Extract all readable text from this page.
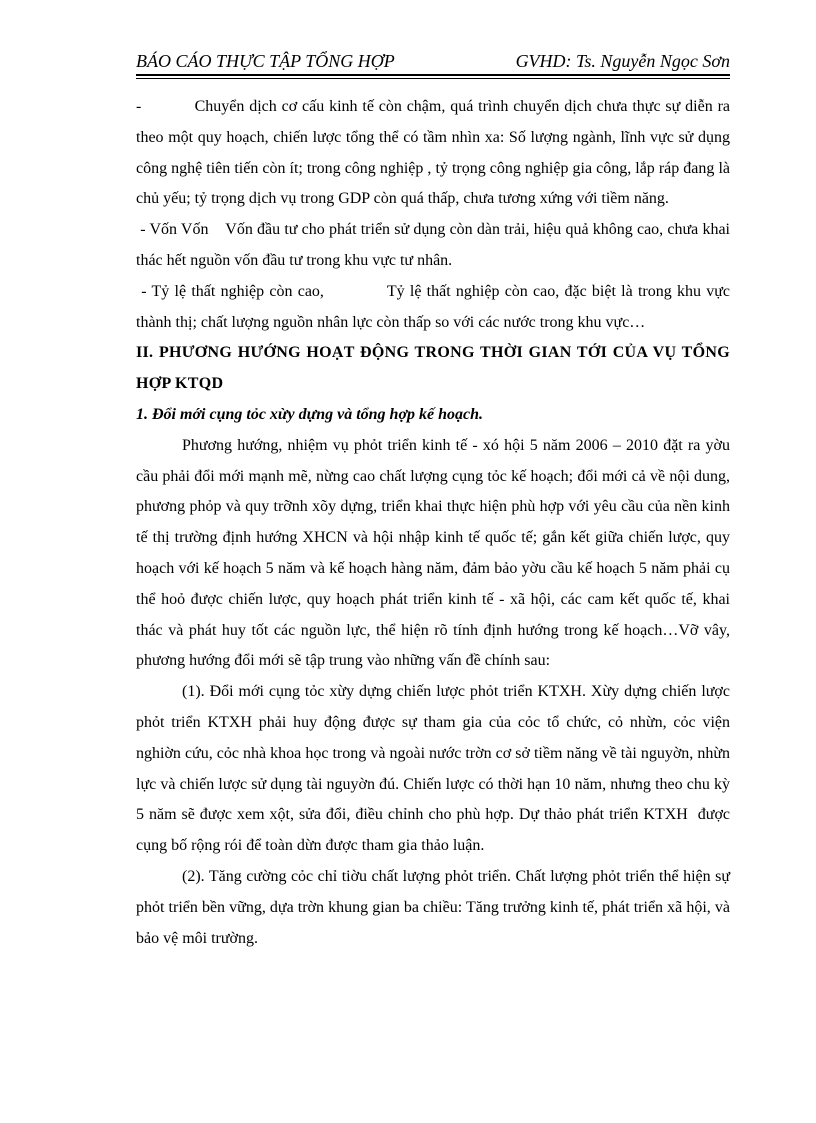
BÁO CÁO THỰC TẬP TỔNG HỢP	GVHD: Ts. Nguyễn Ngọc Sơn

-           Chuyển dịch cơ cấu kinh tế còn chậm, quá trình chuyển dịch chưa thực sự diễn ra theo một quy hoạch, chiến lược tổng thể có tầm nhìn xa: Số lượng ngành, lĩnh vực sử dụng công nghệ tiên tiến còn ít; trong công nghiệp , tỷ trọng công nghiệp gia công, lắp ráp đang là chủ yếu; tỷ trọng dịch vụ trong GDP còn quá thấp, chưa tương xứng với tiềm năng.

- Vốn Vốn    Vốn đầu tư cho phát triển sử dụng còn dàn trải, hiệu quả không cao, chưa khai thác hết nguồn vốn đầu tư trong khu vực tư nhân.

- Tỷ lệ thất nghiệp còn cao,            Tỷ lệ thất nghiệp còn cao, đặc biệt là trong khu vực thành thị; chất lượng nguồn nhân lực còn thấp so với các nước trong khu vực…

II. PHƯƠNG HƯỚNG HOẠT ĐỘNG TRONG THỜI GIAN TỚI CỦA VỤ TỔNG HỢP KTQD

1. Đổi mới cụng tỏc xừy dựng và tổng hợp kế hoạch.

Phương hướng, nhiệm vụ phỏt triển kinh tế - xó hội 5 năm 2006 – 2010 đặt ra yờu cầu phải đổi mới mạnh mẽ, nừng cao chất lượng cụng tỏc kế hoạch; đổi mới cả về nội dung, phương phỏp và quy trỡnh xõy dựng, triển khai thực hiện phù hợp với yêu cầu của nền kinh tế thị trường định hướng XHCN và hội nhập kinh tế quốc tế; gắn kết giữa chiến lược, quy hoạch với kế hoạch 5 năm và kế hoạch hàng năm, đảm bảo yờu cầu kế hoạch 5 năm phải cụ thể hoỏ được chiến lược, quy hoạch phát triển kinh tế - xã hội, các cam kết quốc tế, khai thác và phát huy tốt các nguồn lực, thể hiện rõ tính định hướng trong kế hoạch…Vỡ vây, phương hướng đổi mới sẽ tập trung vào những vấn đề chính sau:

(1). Đổi mới cụng tỏc xừy dựng chiến lược phỏt triển KTXH. Xừy dựng chiến lược phỏt triển KTXH phải huy động được sự tham gia của cỏc tổ chức, cỏ nhừn, cỏc viện nghiờn cứu, cỏc nhà khoa học trong và ngoài nước trờn cơ sở tiềm năng về tài nguyờn, nhừn lực và chiến lược sử dụng tài nguyờn đú. Chiến lược có thời hạn 10 năm, nhưng theo chu kỳ 5 năm sẽ được xem xột, sửa đổi, điều chỉnh cho phù hợp. Dự thảo phát triển KTXH  được cụng bố rộng rói để toàn dừn được tham gia thảo luận.

(2). Tăng cường cỏc chỉ tiờu chất lượng phỏt triển. Chất lượng phỏt triển thể hiện sự phỏt triển bền vững, dựa trờn khung gian ba chiều: Tăng trưởng kinh tế, phát triển xã hội, và bảo vệ môi trường.
